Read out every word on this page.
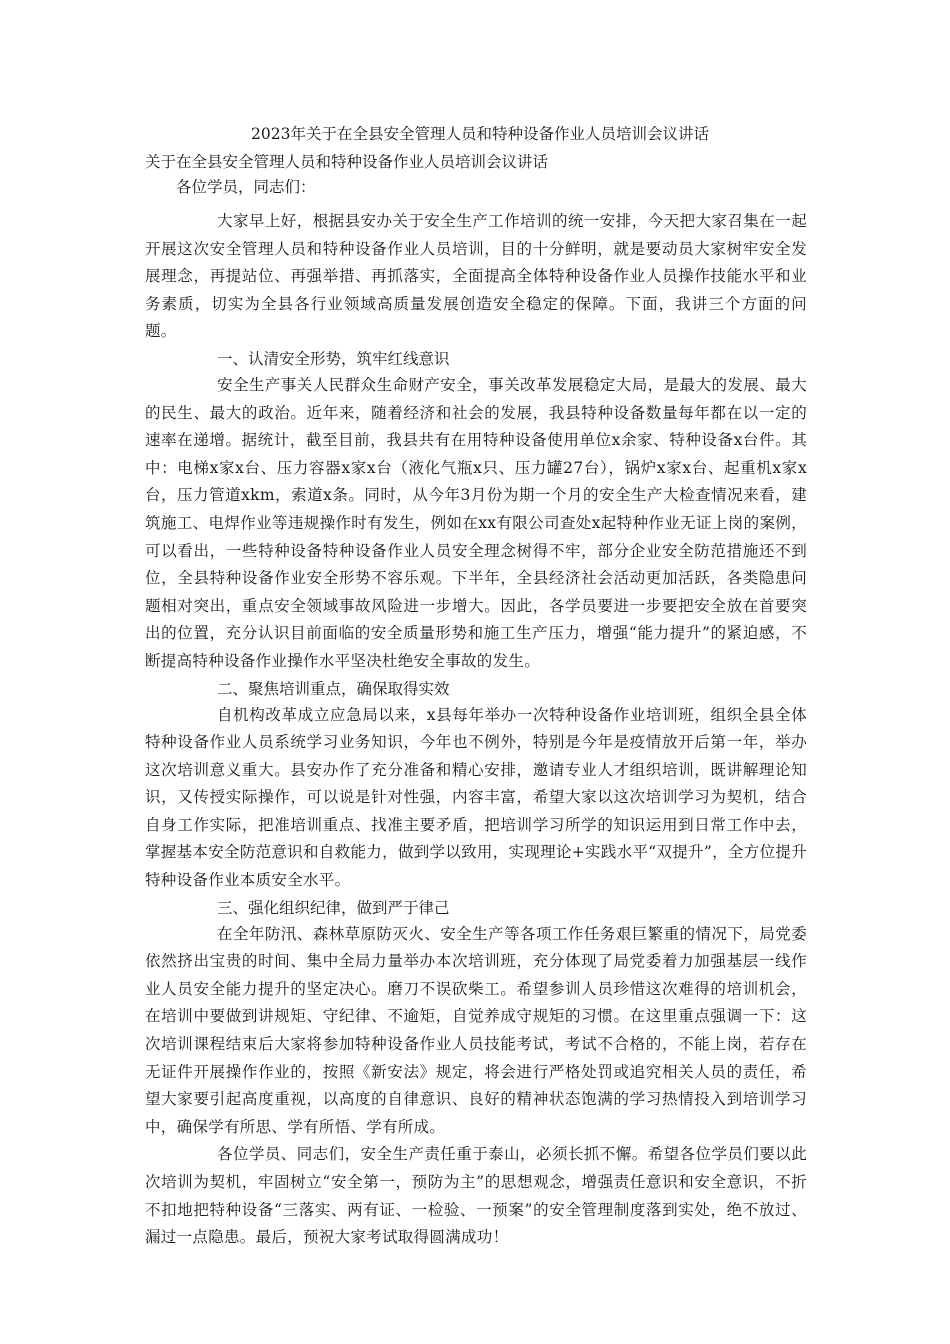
2023年关于在全县安全管理人员和特种设备作业人员培训会议讲话

关于在全县安全管理人员和特种设备作业人员培训会议讲话

各位学员，同志们：

大家早上好，根据县安办关于安全生产工作培训的统一安排，今天把大家召集在一起开展这次安全管理人员和特种设备作业人员培训，目的十分鲜明，就是要动员大家树牢安全发展理念，再提站位、再强举措、再抓落实，全面提高全体特种设备作业人员操作技能水平和业务素质，切实为全县各行业领域高质量发展创造安全稳定的保障。下面，我讲三个方面的问题。

一、认清安全形势，筑牢红线意识

安全生产事关人民群众生命财产安全，事关改革发展稳定大局，是最大的发展、最大的民生、最大的政治。近年来，随着经济和社会的发展，我县特种设备数量每年都在以一定的速率在递增。据统计，截至目前，我县共有在用特种设备使用单位x余家、特种设备x台件。其中：电梯x家x台、压力容器x家x台（液化气瓶x只、压力罐27台），锅炉x家x台、起重机x家x台，压力管道xkm，索道x条。同时，从今年3月份为期一个月的安全生产大检查情况来看，建筑施工、电焊作业等违规操作时有发生，例如在xx有限公司查处x起特种作业无证上岗的案例，可以看出，一些特种设备特种设备作业人员安全理念树得不牢，部分企业安全防范措施还不到位，全县特种设备作业安全形势不容乐观。下半年，全县经济社会活动更加活跃，各类隐患问题相对突出，重点安全领域事故风险进一步增大。因此，各学员要进一步要把安全放在首要突出的位置，充分认识目前面临的安全质量形势和施工生产压力，增强“能力提升”的紧迫感，不断提高特种设备作业操作水平坚决杜绝安全事故的发生。

二、聚焦培训重点，确保取得实效

自机构改革成立应急局以来，x县每年举办一次特种设备作业培训班，组织全县全体特种设备作业人员系统学习业务知识，今年也不例外，特别是今年是疫情放开后第一年，举办这次培训意义重大。县安办作了充分准备和精心安排，邀请专业人才组织培训，既讲解理论知识，又传授实际操作，可以说是针对性强，内容丰富，希望大家以这次培训学习为契机，结合自身工作实际，把准培训重点、找准主要矛盾，把培训学习所学的知识运用到日常工作中去，掌握基本安全防范意识和自救能力，做到学以致用，实现理论+实践水平“双提升”，全方位提升特种设备作业本质安全水平。

三、强化组织纪律，做到严于律己

在全年防汛、森林草原防灭火、安全生产等各项工作任务艰巨繁重的情况下，局党委依然挤出宝贵的时间、集中全局力量举办本次培训班，充分体现了局党委着力加强基层一线作业人员安全能力提升的坚定决心。磨刀不误砍柴工。希望参训人员珍惜这次难得的培训机会，在培训中要做到讲规矩、守纪律、不逾矩，自觉养成守规矩的习惯。在这里重点强调一下：这次培训课程结束后大家将参加特种设备作业人员技能考试，考试不合格的，不能上岗，若存在无证件开展操作作业的，按照《新安法》规定，将会进行严格处罚或追究相关人员的责任，希望大家要引起高度重视，以高度的自律意识、良好的精神状态饱满的学习热情投入到培训学习中，确保学有所思、学有所悟、学有所成。

各位学员、同志们，安全生产责任重于泰山，必须长抓不懈。希望各位学员们要以此次培训为契机，牢固树立“安全第一，预防为主”的思想观念，增强责任意识和安全意识，不折不扣地把特种设备“三落实、两有证、一检验、一预案”的安全管理制度落到实处，绝不放过、漏过一点隐患。最后，预祝大家考试取得圆满成功！
